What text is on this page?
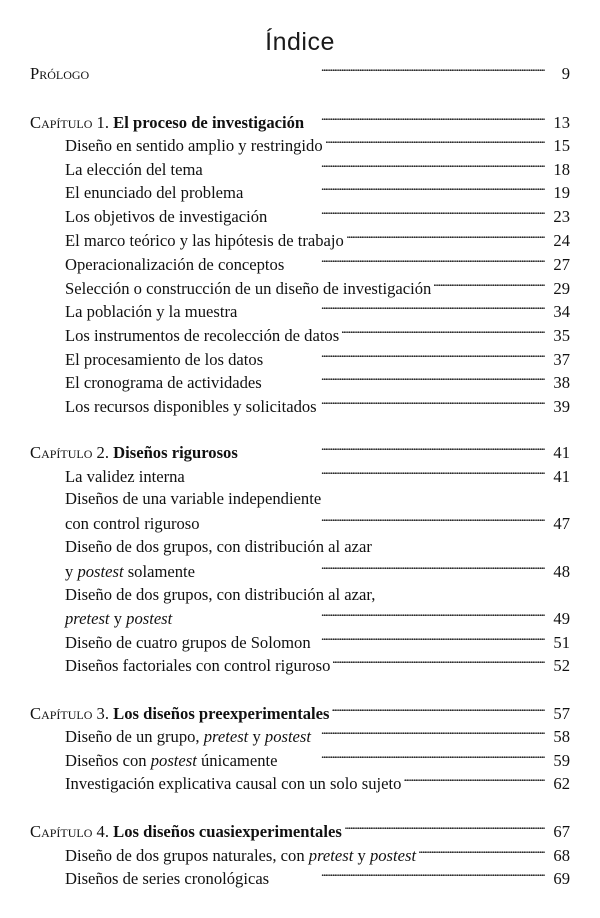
Índice
Prólogo . . .	9
Capítulo 1. El proceso de investigación . . .	13
Diseño en sentido amplio y restringido . . .	15
La elección del tema . . .	18
El enunciado del problema . . .	19
Los objetivos de investigación . . .	23
El marco teórico y las hipótesis de trabajo . . .	24
Operacionalización de conceptos . . .	27
Selección o construcción de un diseño de investigación . . .	29
La población y la muestra . . .	34
Los instrumentos de recolección de datos . . .	35
El procesamiento de los datos . . .	37
El cronograma de actividades . . .	38
Los recursos disponibles y solicitados . . .	39
Capítulo 2. Diseños rigurosos . . .	41
La validez interna . . .	41
Diseños de una variable independiente
con control riguroso . . .	47
Diseño de dos grupos, con distribución al azar
y postest solamente . . .	48
Diseño de dos grupos, con distribución al azar,
pretest y postest . . .	49
Diseño de cuatro grupos de Solomon . . .	51
Diseños factoriales con control riguroso . . .	52
Capítulo 3. Los diseños preexperimentales . . .	57
Diseño de un grupo, pretest y postest . . .	58
Diseños con postest únicamente . . .	59
Investigación explicativa causal con un solo sujeto . . .	62
Capítulo 4. Los diseños cuasiexperimentales . . .	67
Diseño de dos grupos naturales, con pretest y postest . . .	68
Diseños de series cronológicas . . .	69
